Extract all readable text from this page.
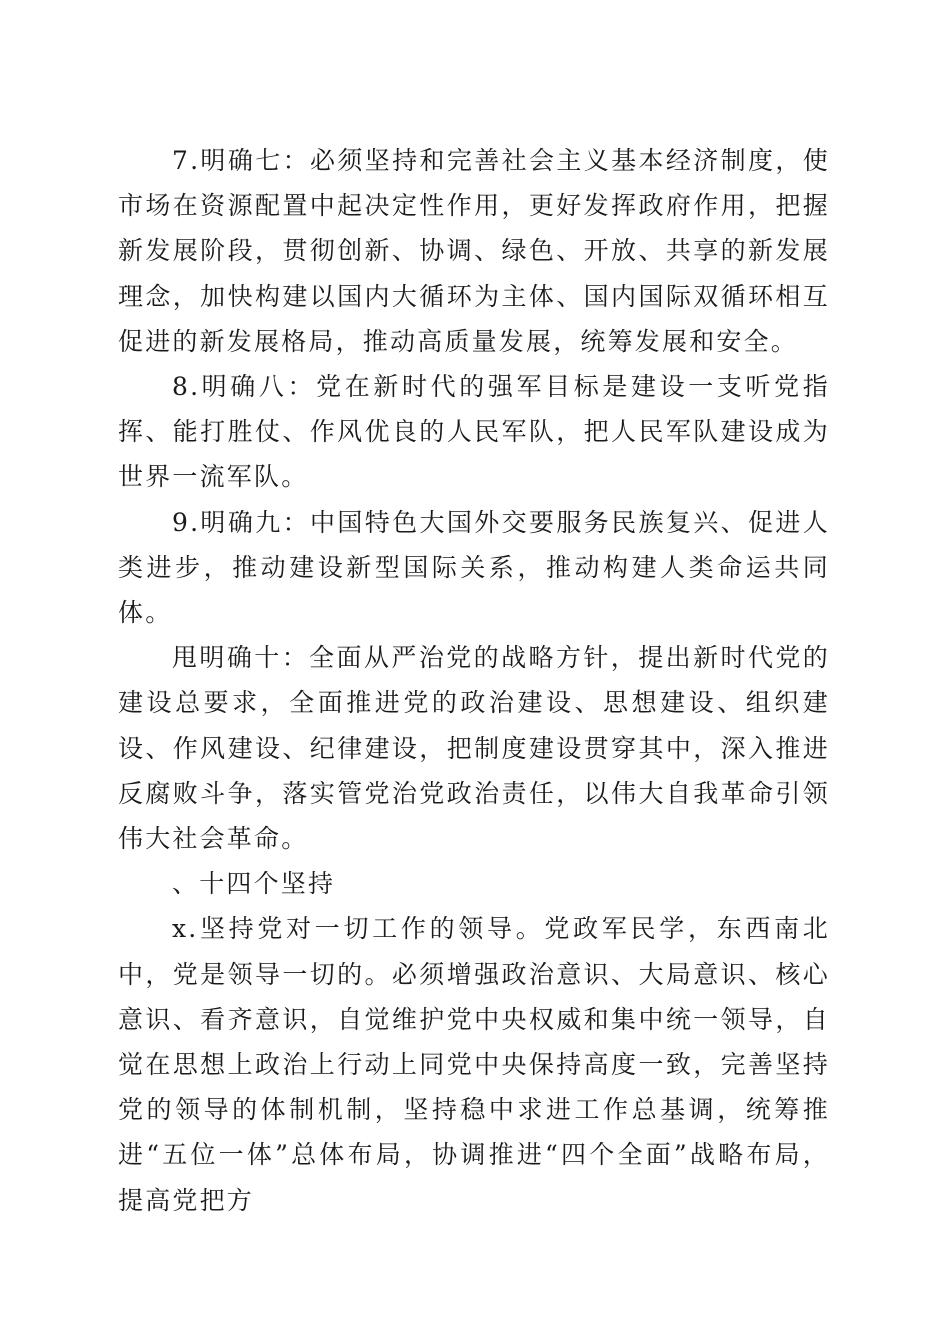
7.明确七：必须坚持和完善社会主义基本经济制度，使市场在资源配置中起决定性作用，更好发挥政府作用，把握新发展阶段，贯彻创新、协调、绿色、开放、共享的新发展理念，加快构建以国内大循环为主体、国内国际双循环相互促进的新发展格局，推动高质量发展，统筹发展和安全。

8.明确八：党在新时代的强军目标是建设一支听党指挥、能打胜仗、作风优良的人民军队，把人民军队建设成为世界一流军队。

9.明确九：中国特色大国外交要服务民族复兴、促进人类进步，推动建设新型国际关系，推动构建人类命运共同体。

甩明确十：全面从严治党的战略方针，提出新时代党的建设总要求，全面推进党的政治建设、思想建设、组织建设、作风建设、纪律建设，把制度建设贯穿其中，深入推进反腐败斗争，落实管党治党政治责任，以伟大自我革命引领伟大社会革命。

、十四个坚持

x.坚持党对一切工作的领导。党政军民学，东西南北中，党是领导一切的。必须增强政治意识、大局意识、核心意识、看齐意识，自觉维护党中央权威和集中统一领导，自觉在思想上政治上行动上同党中央保持高度一致，完善坚持党的领导的体制机制，坚持稳中求进工作总基调，统筹推进“五位一体”总体布局，协调推进“四个全面”战略布局，提高党把方
